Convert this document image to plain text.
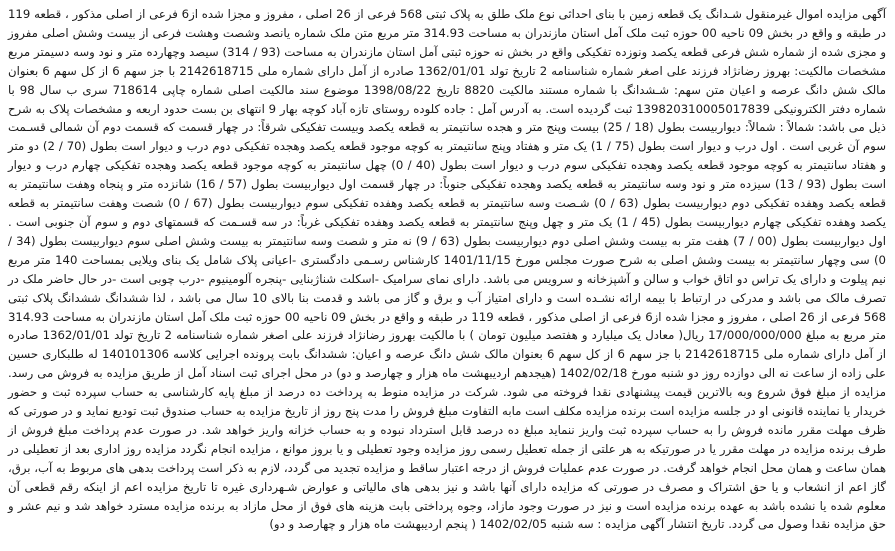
آگهی مزایده اموال غیرمنقول شـدانگ یک قطعه زمین با بنای احداثی نوع ملک طلق به پلاک ثبتی 568 فرعی از 26 اصلی ، مفروز و مجزا شده از6 فرعی از اصلی مذکور ، قطعه 119 در طبقه و واقع در بخش 09 ناحیه 00 حوزه ثبت ملک آمل استان مازندران به مساحت 314.93 متر مربع متن ملک شماره یانصد وشصت وهشت فرعی از بیست وشش اصلی مفروز و مجزی شده از شماره شش فرعی قطعه یکصد ونوزده تفکیکی واقع در بخش نه حوزه ثبتی آمل استان مازندران به مساحت (93 / 314) سیصد وچهارده متر و نود وسه دسیمتر مربع مشخصات مالکیت: بهروز رضانژاد فرزند علی اصغر شماره شناسنامه 2 تاریخ تولد 1362/01/01 صادره از آمل دارای شماره ملی 2142618715 با جز سهم 6 از کل سهم 6 بعنوان مالک شش دانگ عرصه و اعیان متن سهم: شـشدانگ با شماره مستند مالکیت 8820 تاریخ 1398/08/22 موضوع سند مالکیت اصلی شماره چاپی 718614 سری ب سال 98 با شماره دفتر الکترونیکی 139820310005017839 ثبت گردیده است. به آدرس آمل : جاده کلوده روستای تازه آباد کوچه بهار 9 انتهای بن بست حدود اربعه و مشخصات پلاک به شرح ذیل می باشد: شمالاً : شمالاً: دیواربیست بطول (18 / 25) بیست وپنج متر و هجده سانتیمتر به قطعه یکصد وبیست تفکیکی شرقاً: در چهار قسمت که قسمت دوم آن شمالی قسـمت سوم آن غربی است . اول درب و دیوار است بطول (75 / 1) یک متر و هفتاد وپنج سانتیمتر به کوچه موجود قطعه یکصد وهجده تفکیکی دوم درب و دیوار است بطول (70 / 2) دو متر و هفتاد سانتیمتر به کوچه موجود قطعه یکصد وهجده تفکیکی سوم درب و دیوار است بطول (40 / 0) چهل سانتیمتر به کوچه موجود قطعه یکصد وهجده تفکیکی چهارم درب و دیوار است بطول (93 / 13) سیزده متر و نود وسه سانتیمتر به قطعه یکصد وهجده تفکیکی جنوباً: در چهار قسمت اول دیواربیست بطول (57 / 16) شانزده متر و پنجاه وهفت سانتیمتر به قطعه یکصد وهفده تفکیکی دوم دیواربیست بطول (63 / 0) شـصت وسه سانتیمتر به قطعه یکصد وهفده تفکیکی سوم دیواربیست بطول (67 / 0) شصت وهفت سانتیمتر به قطعه یکصد وهفده تفکیکی چهارم دیواربیست بطول (45 / 1) یک متر و چهل وپنج سانتیمتر به قطعه یکصد وهفده تفکیکی غرباً: در سه قسـمت که قسمتهای دوم و سوم آن جنوبی است . اول دیواربیست بطول (00 / 7) هفت متر به بیست وشش اصلی دوم دیواربیست بطول (63 / 9) نه متر و شصت وسه سانتیمتر به بیست وشش اصلی سوم دیواربیست بطول (34 / 0) سی وچهار سانتیمتر به بیست وشش اصلی به شرح صورت مجلس مورخ 1401/11/15 کارشناس رسـمی دادگستری -اعیانی پلاک شامل یک بنای ویلایی بمساحت 140 متر مربع نیم پیلوت و دارای یک تراس دو اتاق خواب و سالن و آشپزخانه و سرویس می باشد. دارای نمای سرامیک -اسکلت شناژبنایی -پنجره آلومینیوم -درب چوبی است -در حال حاضر ملک در تصرف مالک می باشد و مدرکی در ارتباط با بیمه ارائه نشـده است و دارای امتیاز آب و برق و گاز می باشد و قدمت بنا بالای 10 سال می باشد ، لذا ششدانگ ششدانگ پلاک ثبتی 568 فرعی از 26 اصلی ، مفروز و مجزا شده از6 فرعی از اصلی مذکور ، قطعه 119 در طبقه و واقع در بخش 09 ناحیه 00 حوزه ثبت ملک آمل استان مازندران به مساحت 314.93 متر مربع به مبلغ 17/000/000/000 ریال( معادل یک میلیارد و هفتصد میلیون تومان ) با مالکیت بهروز رضانژاد فرزند علی اصغر شماره شناسنامه 2 تاریخ تولد 1362/01/01 صادره از آمل دارای شماره ملی 2142618715 با جز سهم 6 از کل سهم 6 بعنوان مالک شش دانگ عرصه و اعیان: ششدانگ بابت پرونده اجرایی کلاسه 140101306 له طلبکاری حسین علی زاده از ساعت نه الی دوازده روز دو شنبه مورخ 1402/02/18 (هیجدهم اردیبهشت ماه هزار و چهارصد و دو) در محل اجرای ثبت اسناد آمل از طریق مزایده به فروش می رسد. مزایده از مبلغ فوق شروع وبه بالاترین قیمت پیشنهادی نقدا فروخته می شود. شرکت در مزایده منوط به پرداخت ده درصد از مبلغ پایه کارشناسی به حساب سپرده ثبت و حضور خریدار یا نماینده قانونی او در جلسه مزایده است برنده مزایده مکلف است مابه التفاوت مبلغ فروش را مدت پنج روز از تاریخ مزایده به حساب صندوق ثبت تودیع نماید و در صورتی که ظرف مهلت مقرر مانده فروش را به حساب سپرده ثبت واریز ننماید مبلغ ده درصد قابل استرداد نبوده و به حساب خزانه واریز خواهد شد. در صورت عدم پرداخت مبلغ فروش از طرف برنده مزایده در مهلت مقرر یا در صورتیکه به هر علتی از جمله تعطیل رسمی روز مزایده وجود تعطیلی و یا بروز موانع ، مزایده انجام نگردد مزایده روز اداری بعد از تعطیلی در همان ساعت و همان محل انجام خواهد گرفت. در صورت عدم عملیات فروش از درجه اعتبار ساقط و مزایده تجدید می گردد، لازم به ذکر است پرداخت بدهی های مربوط به آب، برق، گاز اعم از انشعاب و یا حق اشتراک و مصرف در صورتی که مزایده دارای آنها باشد و نیز بدهی های مالیاتی و عوارض شـهرداری غیره تا تاریخ مزایده اعم از اینکه رقم قطعی آن معلوم شده یا نشده باشد به عهده برنده مزایده است و نیز در صورت وجود مازاد، وجوه پرداختی بابت هزینه های فوق از محل مازاد به برنده مزایده مسترد خواهد شد و نیم عشر و حق مزایده نقدا وصول می گردد. تاریخ انتشار آگهی مزایده : سه شنبه 1402/02/05 ( پنجم اردیبهشت ماه هزار و چهارصد و دو)
